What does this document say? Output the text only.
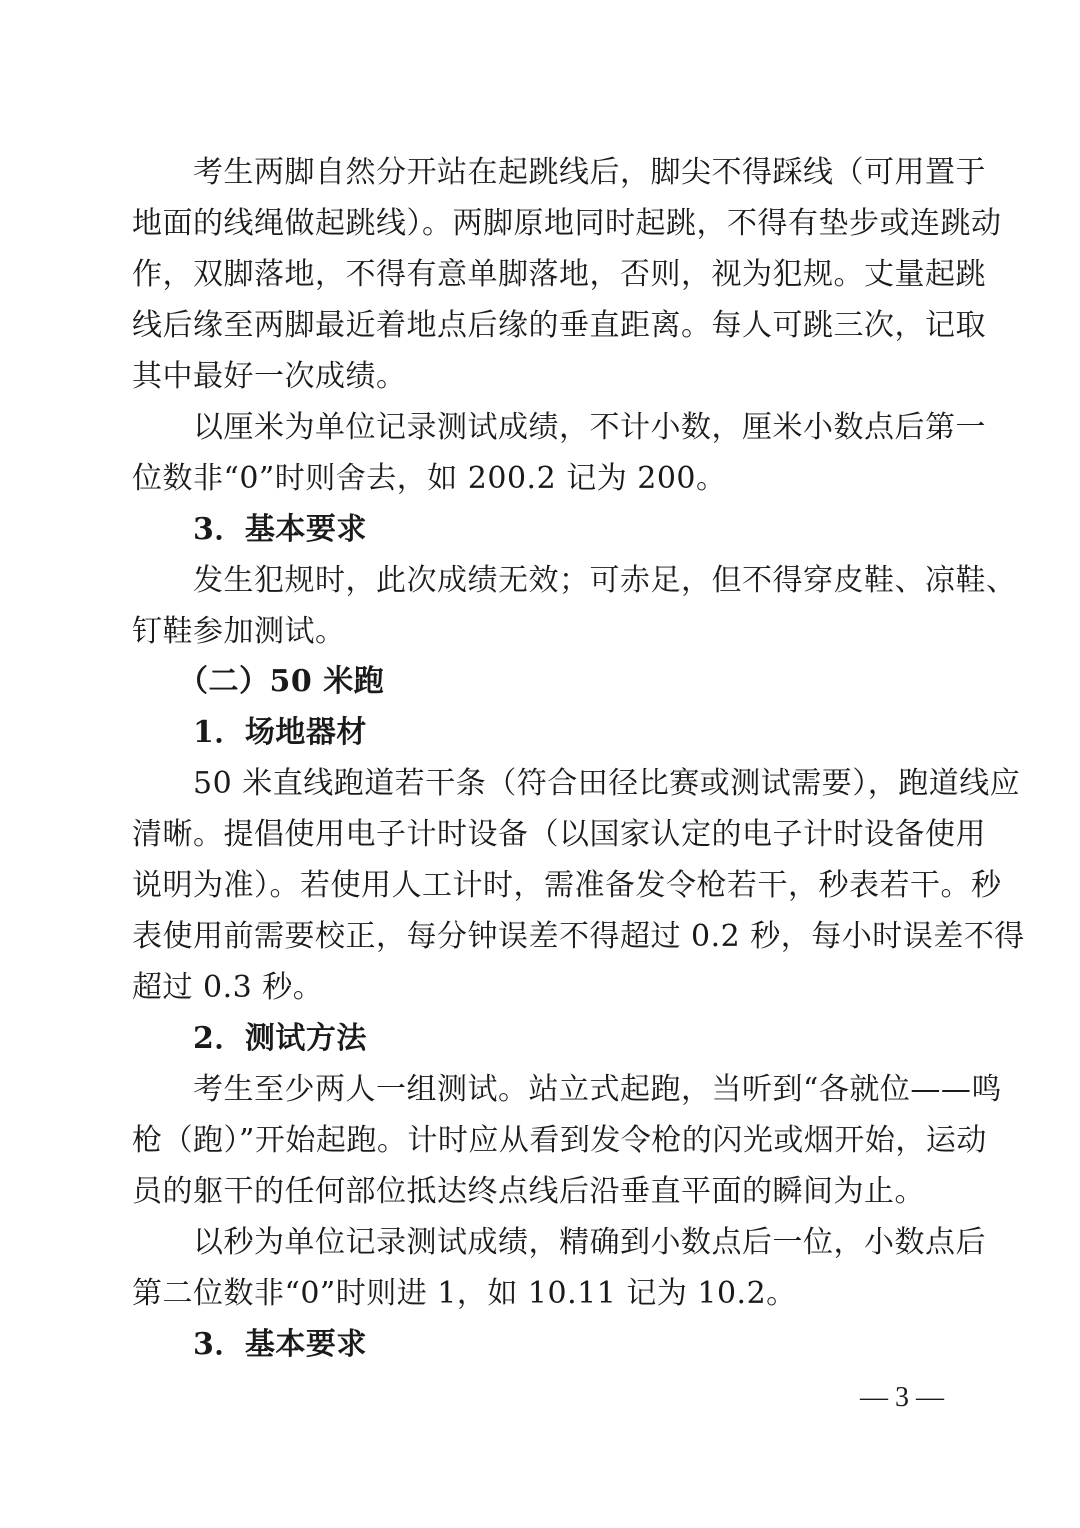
　　考生两脚自然分开站在起跳线后，脚尖不得踩线（可用置于
地面的线绳做起跳线）。两脚原地同时起跳，不得有垫步或连跳动
作，双脚落地，不得有意单脚落地，否则，视为犯规。丈量起跳
线后缘至两脚最近着地点后缘的垂直距离。每人可跳三次，记取
其中最好一次成绩。
　　以厘米为单位记录测试成绩，不计小数，厘米小数点后第一
位数非“0”时则舍去，如 200.2 记为 200。
　　3．基本要求
　　发生犯规时，此次成绩无效；可赤足，但不得穿皮鞋、凉鞋、
钉鞋参加测试。
　　（二）50 米跑
　　1．场地器材
　　50 米直线跑道若干条（符合田径比赛或测试需要），跑道线应
清晰。提倡使用电子计时设备（以国家认定的电子计时设备使用
说明为准）。若使用人工计时，需准备发令枪若干，秒表若干。秒
表使用前需要校正，每分钟误差不得超过 0.2 秒，每小时误差不得
超过 0.3 秒。
　　2．测试方法
　　考生至少两人一组测试。站立式起跑，当听到“各就位——鸣
枪（跑）”开始起跑。计时应从看到发令枪的闪光或烟开始，运动
员的躯干的任何部位抵达终点线后沿垂直平面的瞬间为止。
　　以秒为单位记录测试成绩，精确到小数点后一位，小数点后
第二位数非“0”时则进 1，如 10.11 记为 10.2。
　　3．基本要求
— 3 —
